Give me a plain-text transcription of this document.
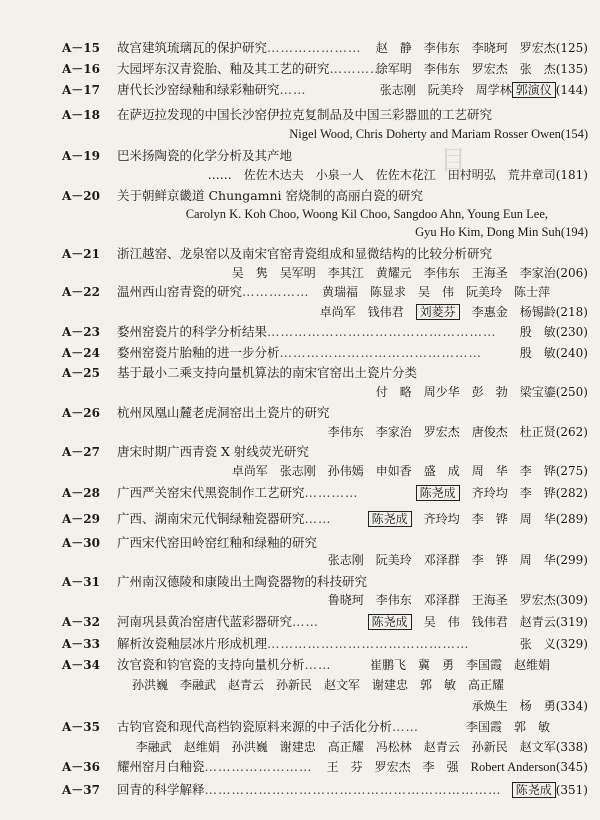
目
A－15 故宫建筑琉璃瓦的保护研究…………………	赵　静　李伟东　李晓珂　罗宏杰(125)
A－16 大园坪东汉青瓷胎、釉及其工艺的研究…………
徐军明　李伟东　罗宏杰　张　杰(135)
A－17 唐代长沙窑绿釉和绿彩釉研究……	张志刚　阮美玲　周学林 郭演仪 (144)
A－18 在萨迈拉发现的中国长沙窑伊拉克复制品及中国三彩器皿的工艺研究
Nigel Wood, Chris Doherty and Mariam Rosser Owen(154)
A－19 巴米扬陶瓷的化学分析及其产地
……　佐佐木达夫　小泉一人　佐佐木花江　田村明弘　荒井章司(181)
A－20 关于朝鲜京畿道 Chungamni 窑烧制的高丽白瓷的研究
Carolyn K. Koh Choo, Woong Kil Choo, Sangdoo Ahn, Young Eun Lee,
Gyu Ho Kim, Dong Min Suh(194)
A－21 浙江越窑、龙泉窑以及南宋官窑青瓷组成和显微结构的比较分析研究
吴　隽　吴军明　李其江　黄耀元　李伟东　王海圣　李家治(206)
A－22 温州西山窑青瓷的研究……………	黄瑞福　陈显求　吴　伟　阮美玲　陈士萍
卓尚军　钱伟君　 刘菱芬　 李惠金　杨锡龄(218)
A－23 婺州窑瓷片的科学分析结果……………………………………………	殷　敏(230)
A－24 婺州窑瓷片胎釉的进一步分析………………………………………	殷　敏(240)
A－25 基于最小二乘支持向量机算法的南宋官窑出土瓷片分类
付　略　周少华　彭　勃　梁宝鎏(250)
A－26 杭州凤凰山麓老虎洞窑出土瓷片的研究
李伟东　李家治　罗宏杰　唐俊杰　杜正贤(262)
A－27 唐宋时期广西青瓷 X 射线荧光研究
卓尚军　张志刚　孙伟嫣　申如香　盛　成　周　华　李　铧(275)
A－28 广西严关窑宋代黑瓷制作工艺研究…………	陈尧成　 齐玲均　李　铧(282)
A－29 广西、湖南宋元代铜绿釉瓷器研究……	陈尧成　 齐玲均　李　铧　周　华(289)
A－30 广西宋代窑田岭窑红釉和绿釉的研究
张志刚　阮美玲　邓泽群　李　铧　周　华(299)
A－31 广州南汉德陵和康陵出土陶瓷器物的科技研究
鲁晓珂　李伟东　邓泽群　王海圣　罗宏杰(309)
A－32 河南巩县黄冶窑唐代蓝彩器研究……	陈尧成　 吴　伟　钱伟君　赵青云(319)
A－33 解析汝瓷釉层冰片形成机理………………………………………	张　义(329)
A－34 汝官瓷和钧官瓷的支持向量机分析……	崔鹏飞　冀　勇　李国霞　赵维娟
孙洪巍　李融武　赵青云　孙新民　赵文军　谢建忠　郭　敏　高正耀
承焕生　杨　勇(334)
A－35 古钧官瓷和现代高档钧瓷原料来源的中子活化分析……	李国霞　郭　敏
李融武　赵维娟　孙洪巍　谢建忠　高正耀　冯松林　赵青云　孙新民　赵文军(338)
A－36 耀州窑月白釉瓷……………………	王　芬　罗宏杰　李　强　 Robert Anderson(345)
A－37 回青的科学解释…………………………………………………………	陈尧成 (351)
